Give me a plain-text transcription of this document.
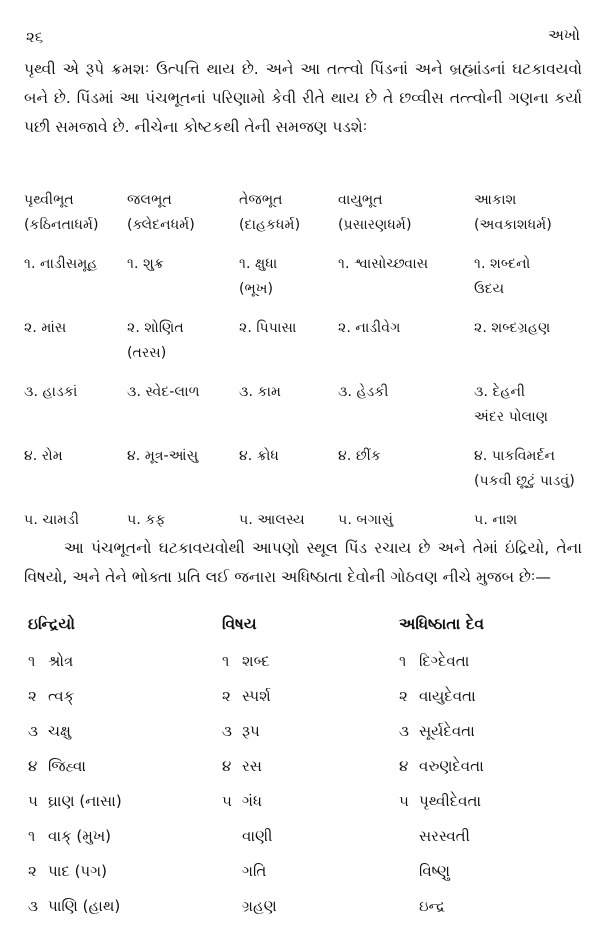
૨૬	અખો
પૃથ્વી એ રૂપે ક્રમશઃ ઉત્પત્તિ થાય છે. અને આ તત્ત્વો પિંડનાં અને બ્રહ્માંડનાં ઘટકાવયવો બને છે. પિંડમાં આ પંચભૂતનાં પરિણામો કેવી રીતે થાય છે તે છવ્વીસ તત્ત્વોની ગણના કર્યા પછી સમજાવે છે. નીચેના કોષ્ટકથી તેની સમજણ પડશેઃ
પૃથ્વીભૂત	જલભૂત	તેજભૂત	વાયુભૂત	આકાશ
(કઠિનતાધર્મ)	(ક્લેદનધર્મ)	(દાહકધર્મ)	(પ્રસારણધર્મ)	(અવકાશધર્મ)
૧. નાડીસમૂહ	૧. શુક્ર	૧. ક્ષુધા	૧. શ્વાસોચ્છ્વાસ	૧. શબ્દનો
		(ભૂખ)		ઉદય
૨. માંસ	૨. શોણિત	૨. પિપાસા	૨. નાડીવેગ	૨. શબ્દગ્રહણ
	(તરસ)			
૩. હાડકાં	૩. સ્વેદ-લાળ	૩. કામ	૩. હેડકી	૩. દેહની
				અંદર પોલાણ
૪. રોમ	૪. મૂત્ર-આંસુ	૪. ક્રોધ	૪. છીંક	૪. પાકવિમર્દન
				(પકવી છૂટું પાડવું)
૫. ચામડી	૫. કફ	૫. આલસ્ય	૫. બગાસું	૫. નાશ
આ પંચભૂતનો ઘટકાવયવોથી આપણો સ્થૂલ પિંડ રચાય છે અને તેમાં ઇંદ્રિયો, તેના વિષયો, અને તેને ભોક્તા પ્રતિ લઈ જનારા અધિષ્ઠાતા દેવોની ગોઠવણ નીચે મુજબ છેઃ—
ઇન્દ્રિયો		વિષય		અધિષ્ઠાતા દેવ	
૧	શ્રોત્ર	૧	શબ્દ	૧	દિગ્દેવતા
૨	ત્વક્	૨	સ્પર્શ	૨	વાયુદેવતા
૩	ચક્ષુ	૩	રૂપ	૩	સૂર્યદેવતા
૪	જિહ્વા	૪	રસ	૪	વરુણદેવતા
૫	ઘ્રાણ (નાસા)	૫	ગંધ	૫	પૃથ્વીદેવતા
૧	વાક્ (મુખ)		વાણી		સરસ્વતી
૨	પાદ (પગ)		ગતિ		વિષ્ણુ
૩	પાણિ (હાથ)		ગ્રહણ		ઇન્દ્ર
